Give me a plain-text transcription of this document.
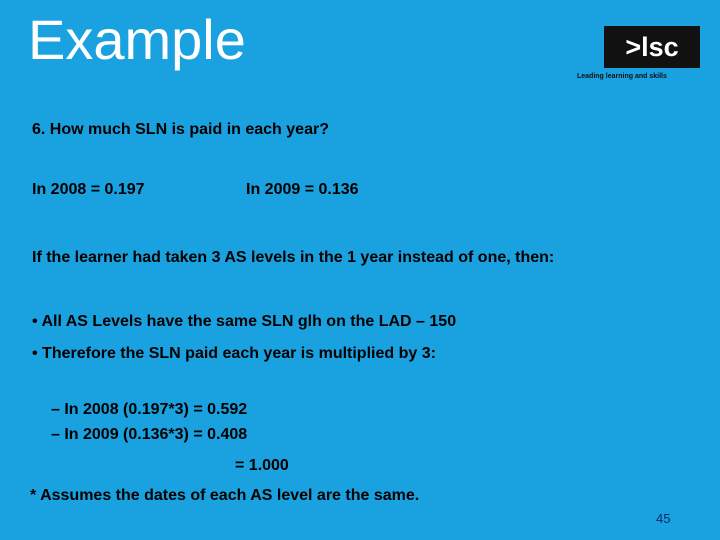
Example	>lsc
Leading learning and skills
6. How much SLN is paid in each year?
In 2008 = 0.197	In 2009 = 0.136
If the learner had taken 3 AS levels in the 1 year instead of one, then:
• All AS Levels have the same SLN glh on the LAD – 150
• Therefore the SLN paid each year is multiplied by 3:
– In 2008 (0.197*3) = 0.592
– In 2009 (0.136*3) = 0.408
= 1.000
* Assumes the dates of each AS level are the same.
45
